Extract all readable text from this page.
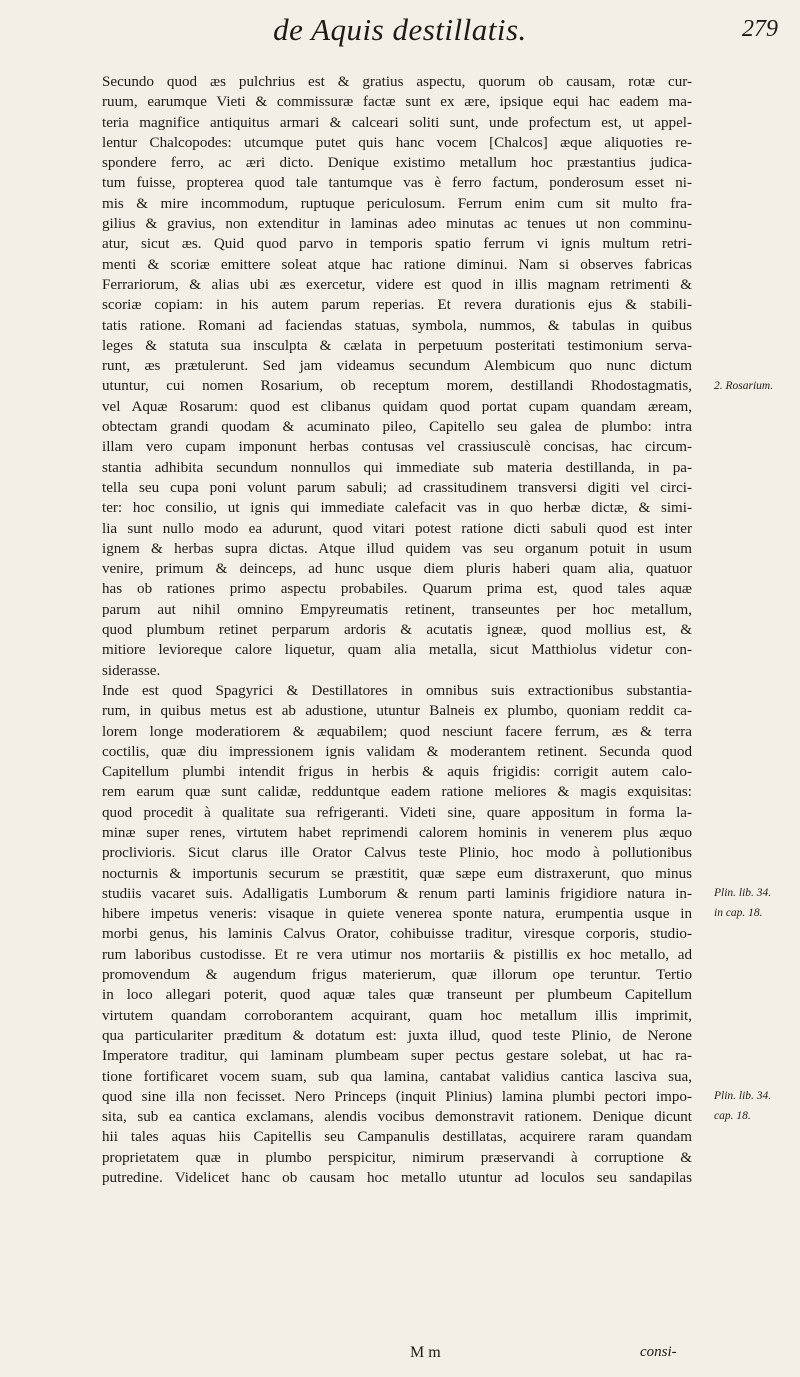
de Aquis destillatis.	279
Secundo quod æs pulchrius est & gratius aspectu, quorum ob causam, rotæ cur-
ruum, earumque Vieti & commissuræ factæ sunt ex ære, ipsique equi hac eadem ma-
teria magnifice antiquitus armari & calceari soliti sunt, unde profectum est, ut appel-
lentur Chalcopodes: utcumque putet quis hanc vocem [Chalcos] æque aliquoties re-
spondere ferro, ac æri dicto. Denique existimo metallum hoc præstantius judica-
tum fuisse, propterea quod tale tantumque vas è ferro factum, ponderosum esset ni-
mis & mire incommodum, ruptuque periculosum. Ferrum enim cum sit multo fra-
gilius & gravius, non extenditur in laminas adeo minutas ac tenues ut non comminu-
atur, sicut æs. Quid quod parvo in temporis spatio ferrum vi ignis multum retri-
menti & scoriæ emittere soleat atque hac ratione diminui. Nam si observes fabricas
Ferrariorum, & alias ubi æs exercetur, videre est quod in illis magnam retrimenti &
scoriæ copiam: in his autem parum reperias. Et revera durationis ejus & stabili-
tatis ratione. Romani ad faciendas statuas, symbola, nummos, & tabulas in quibus
leges & statuta sua insculpta & cælata in perpetuum posteritati testimonium serva-
runt, æs prætulerunt. Sed jam videamus secundum Alembicum quo nunc dictum
utuntur, cui nomen Rosarium, ob receptum morem, destillandi Rhodostagmatis,
vel Aquæ Rosarum: quod est clibanus quidam quod portat cupam quandam æream,
obtectam grandi quodam & acuminato pileo, Capitello seu galea de plumbo: intra
illam vero cupam imponunt herbas contusas vel crassiusculè concisas, hac circum-
stantia adhibita secundum nonnullos qui immediate sub materia destillanda, in pa-
tella seu cupa poni volunt parum sabuli; ad crassitudinem transversi digiti vel circi-
ter: hoc consilio, ut ignis qui immediate calefacit vas in quo herbæ dictæ, & simi-
lia sunt nullo modo ea adurunt, quod vitari potest ratione dicti sabuli quod est inter
ignem & herbas supra dictas. Atque illud quidem vas seu organum potuit in usum
venire, primum & deinceps, ad hunc usque diem pluris haberi quam alia, quatuor
has ob rationes primo aspectu probabiles. Quarum prima est, quod tales aquæ
parum aut nihil omnino Empyreumatis retinent, transeuntes per hoc metallum,
quod plumbum retinet perparum ardoris & acutatis igneæ, quod mollius est, &
mitiore levioreque calore liquetur, quam alia metalla, sicut Matthiolus videtur con-
siderasse.
Inde est quod Spagyrici & Destillatores in omnibus suis extractionibus substantia-
rum, in quibus metus est ab adustione, utuntur Balneis ex plumbo, quoniam reddit ca-
lorem longe moderatiorem & æquabilem; quod nesciunt facere ferrum, æs & terra
coctilis, quæ diu impressionem ignis validam & moderantem retinent. Secunda quod
Capitellum plumbi intendit frigus in herbis & aquis frigidis: corrigit autem calo-
rem earum quæ sunt calidæ, redduntque eadem ratione meliores & magis exquisitas:
quod procedit à qualitate sua refrigeranti. Videti sine, quare appositum in forma la-
minæ super renes, virtutem habet reprimendi calorem hominis in venerem plus æquo
proclivioris. Sicut clarus ille Orator Calvus teste Plinio, hoc modo à pollutionibus
nocturnis & importunis securum se præstitit, quæ sæpe eum distraxerunt, quo minus
studiis vacaret suis. Adalligatis Lumborum & renum parti laminis frigidiore natura in-
hibere impetus veneris: visaque in quiete venerea sponte natura, erumpentia usque in
morbi genus, his laminis Calvus Orator, cohibuisse traditur, viresque corporis, studio-
rum laboribus custodisse. Et re vera utimur nos mortariis & pistillis ex hoc metallo, ad
promovendum & augendum frigus materierum, quæ illorum ope teruntur. Tertio
in loco allegari poterit, quod aquæ tales quæ transeunt per plumbeum Capitellum
virtutem quandam corroborantem acquirant, quam hoc metallum illis imprimit,
qua particulariter præditum & dotatum est: juxta illud, quod teste Plinio, de Nerone
Imperatore traditur, qui laminam plumbeam super pectus gestare solebat, ut hac ra-
tione fortificaret vocem suam, sub qua lamina, cantabat validius cantica lasciva sua,
quod sine illa non fecisset. Nero Princeps (inquit Plinius) lamina plumbi pectori impo-
sita, sub ea cantica exclamans, alendis vocibus demonstravit rationem. Denique dicunt
hii tales aquas hiis Capitellis seu Campanulis destillatas, acquirere raram quandam
proprietatem quæ in plumbo perspicitur, nimirum præservandi à corruptione &
putredine. Videlicet hanc ob causam hoc metallo utuntur ad loculos seu sandapilas
2. Rosarium.
Plin. lib. 34.
in cap. 18.
Plin. lib. 34.
cap. 18.
M m	consi-
